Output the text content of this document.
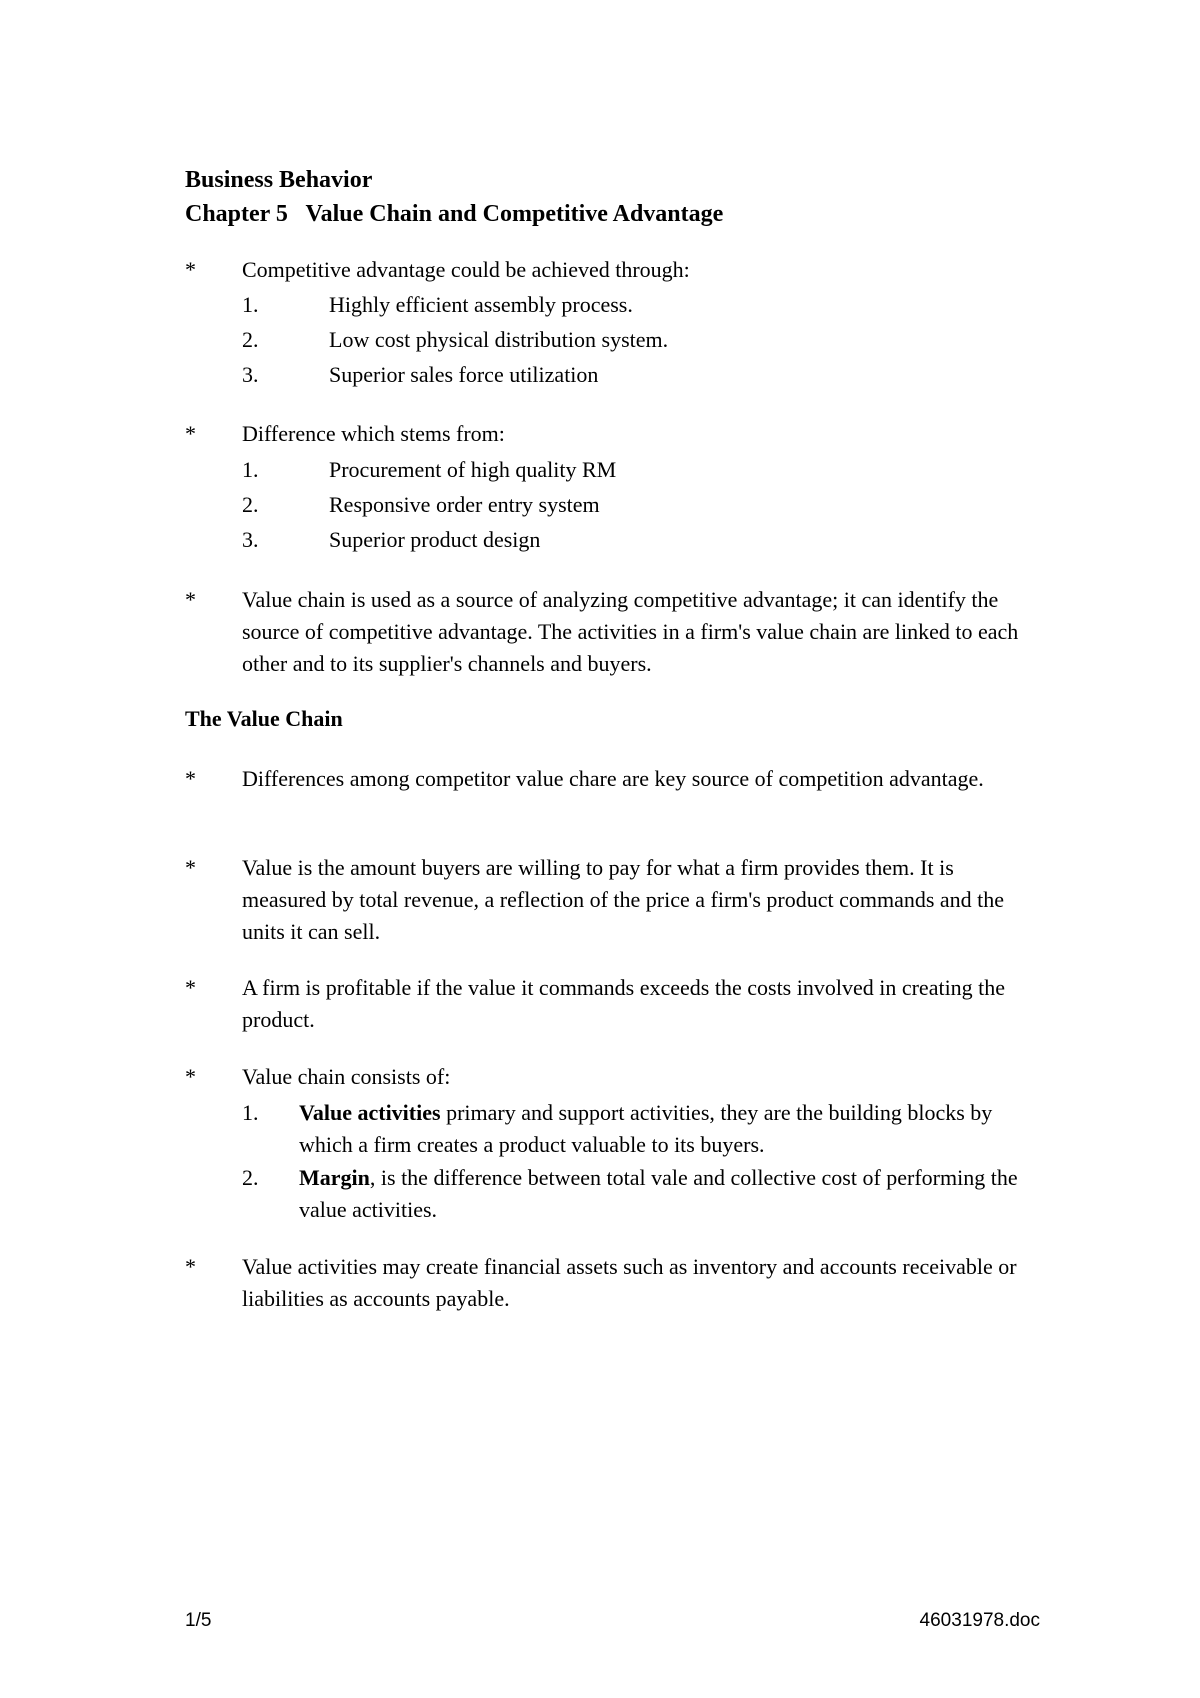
Business Behavior
Chapter 5   Value Chain and Competitive Advantage
* Competitive advantage could be achieved through:
1.	Highly efficient assembly process.
2.	Low cost physical distribution system.
3.	Superior sales force utilization
* Difference which stems from:
1.	Procurement of high quality RM
2.	Responsive order entry system
3.	Superior product design
* Value chain is used as a source of analyzing competitive advantage; it can identify the source of competitive advantage. The activities in a firm's value chain are linked to each other and to its supplier's channels and buyers.
The Value Chain
* Differences among competitor value chare are key source of competition advantage.
* Value is the amount buyers are willing to pay for what a firm provides them. It is measured by total revenue, a reflection of the price a firm's product commands and the units it can sell.
* A firm is profitable if the value it commands exceeds the costs involved in creating the product.
* Value chain consists of:
1. Value activities primary and support activities, they are the building blocks by which a firm creates a product valuable to its buyers.
2. Margin, is the difference between total vale and collective cost of performing the value activities.
* Value activities may create financial assets such as inventory and accounts receivable or liabilities as accounts payable.
1/5	46031978.doc
